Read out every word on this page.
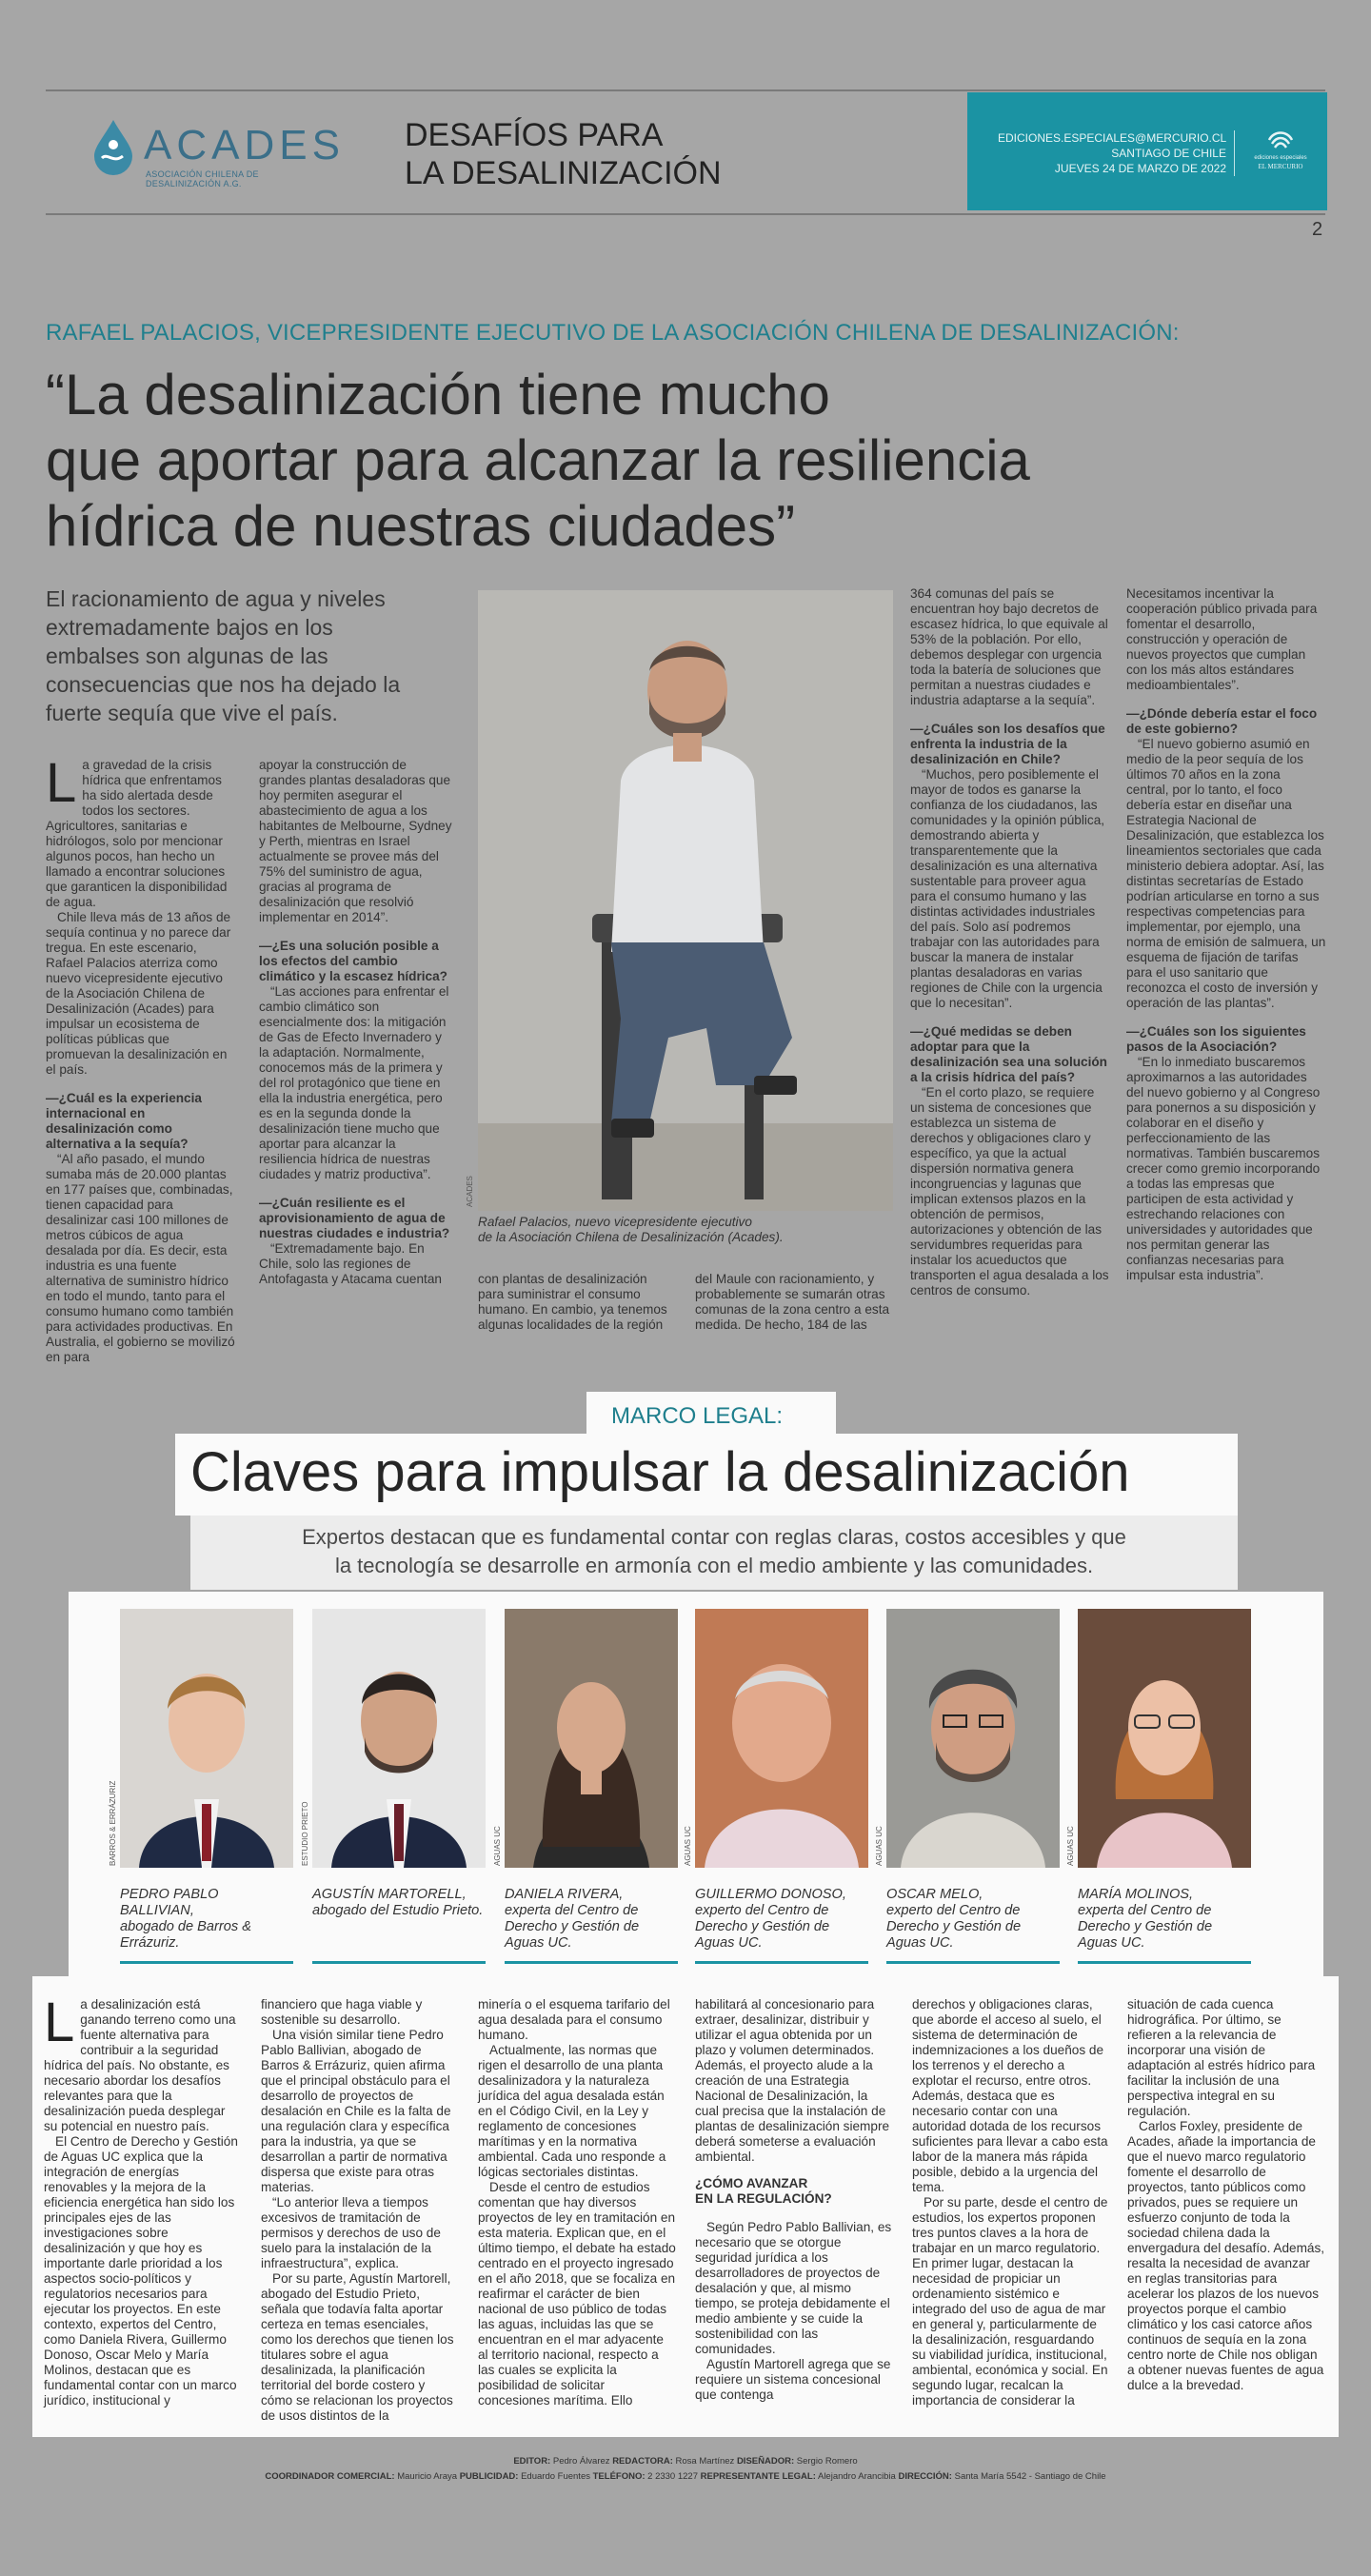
ACADES
ASOCIACIÓN CHILENA DE DESALINIZACIÓN A.G.
DESAFÍOS PARA
LA DESALINIZACIÓN
EDICIONES.ESPECIALES@MERCURIO.CL
SANTIAGO DE CHILE
JUEVES 24 DE MARZO DE 2022
ediciones especiales
EL MERCURIO
2
RAFAEL PALACIOS, VICEPRESIDENTE EJECUTIVO DE LA ASOCIACIÓN CHILENA DE DESALINIZACIÓN:
“La desalinización tiene mucho
que aportar para alcanzar la resiliencia
hídrica de nuestras ciudades”
El racionamiento de agua y niveles extremadamente bajos en los embalses son algunas de las consecuencias que nos ha dejado la fuerte sequía que vive el país.

La gravedad de la crisis hídrica que enfrentamos ha sido alertada desde todos los sectores. Agricultores, sanitarias e hidrólogos, solo por mencionar algunos pocos, han hecho un llamado a encontrar soluciones que garanticen la disponibilidad de agua.

Chile lleva más de 13 años de sequía continua y no parece dar tregua. En este escenario, Rafael Palacios aterriza como nuevo vicepresidente ejecutivo de la Asociación Chilena de Desalinización (Acades) para impulsar un ecosistema de políticas públicas que promuevan la desalinización en el país.

—¿Cuál es la experiencia internacional en desalinización como alternativa a la sequía?

“Al año pasado, el mundo sumaba más de 20.000 plantas en 177 países que, combinadas, tienen capacidad para desalinizar casi 100 millones de metros cúbicos de agua desalada por día. Es decir, esta industria es una fuente alternativa de suministro hídrico en todo el mundo, tanto para el consumo humano como también para actividades productivas. En Australia, el gobierno se movilizó en para

apoyar la construcción de grandes plantas desaladoras que hoy permiten asegurar el abastecimiento de agua a los habitantes de Melbourne, Sydney y Perth, mientras en Israel actualmente se provee más del 75% del suministro de agua, gracias al programa de desalinización que resolvió implementar en 2014”.

—¿Es una solución posible a los efectos del cambio climático y la escasez hídrica?

“Las acciones para enfrentar el cambio climático son esencialmente dos: la mitigación de Gas de Efecto Invernadero y la adaptación. Normalmente, conocemos más de la primera y del rol protagónico que tiene en ella la industria energética, pero es en la segunda donde la desalinización tiene mucho que aportar para alcanzar la resiliencia hídrica de nuestras ciudades y matriz productiva”.

—¿Cuán resiliente es el aprovisionamiento de agua de nuestras ciudades e industria?

“Extremadamente bajo. En Chile, solo las regiones de Antofagasta y Atacama cuentan

ACADES
Rafael Palacios, nuevo vicepresidente ejecutivo
de la Asociación Chilena de Desalinización (Acades).

con plantas de desalinización para suministrar el consumo humano. En cambio, ya tenemos algunas localidades de la región

del Maule con racionamiento, y probablemente se sumarán otras comunas de la zona centro a esta medida. De hecho, 184 de las

364 comunas del país se encuentran hoy bajo decretos de escasez hídrica, lo que equivale al 53% de la población. Por ello, debemos desplegar con urgencia toda la batería de soluciones que permitan a nuestras ciudades e industria adaptarse a la sequía”.

—¿Cuáles son los desafíos que enfrenta la industria de la desalinización en Chile?

“Muchos, pero posiblemente el mayor de todos es ganarse la confianza de los ciudadanos, las comunidades y la opinión pública, demostrando abierta y transparentemente que la desalinización es una alternativa sustentable para proveer agua para el consumo humano y las distintas actividades industriales del país. Solo así podremos trabajar con las autoridades para buscar la manera de instalar plantas desaladoras en varias regiones de Chile con la urgencia que lo necesitan”.

—¿Qué medidas se deben adoptar para que la desalinización sea una solución a la crisis hídrica del país?

“En el corto plazo, se requiere un sistema de concesiones que establezca un sistema de derechos y obligaciones claro y específico, ya que la actual dispersión normativa genera incongruencias y lagunas que implican extensos plazos en la obtención de permisos, autorizaciones y obtención de las servidumbres requeridas para instalar los acueductos que transporten el agua desalada a los centros de consumo.

Necesitamos incentivar la cooperación público privada para fomentar el desarrollo, construcción y operación de nuevos proyectos que cumplan con los más altos estándares medioambientales”.

—¿Dónde debería estar el foco de este gobierno?

“El nuevo gobierno asumió en medio de la peor sequía de los últimos 70 años en la zona central, por lo tanto, el foco debería estar en diseñar una Estrategia Nacional de Desalinización, que establezca los lineamientos sectoriales que cada ministerio debiera adoptar. Así, las distintas secretarías de Estado podrían articularse en torno a sus respectivas competencias para implementar, por ejemplo, una norma de emisión de salmuera, un esquema de fijación de tarifas para el uso sanitario que reconozca el costo de inversión y operación de las plantas”.

—¿Cuáles son los siguientes pasos de la Asociación?

“En lo inmediato buscaremos aproximarnos a las autoridades del nuevo gobierno y al Congreso para ponernos a su disposición y colaborar en el diseño y perfeccionamiento de las normativas. También buscaremos crecer como gremio incorporando a todas las empresas que participen de esta actividad y estrechando relaciones con universidades y autoridades que nos permitan generar las confianzas necesarias para impulsar esta industria”.

MARCO LEGAL:
Claves para impulsar la desalinización
Expertos destacan que es fundamental contar con reglas claras, costos accesibles y que
la tecnología se desarrolle en armonía con el medio ambiente y las comunidades.
BARROS & ERRÁZURIZ	ESTUDIO PRIETO	AGUAS UC	AGUAS UC	AGUAS UC	AGUAS UC
PEDRO PABLO BALLIVIAN,
abogado de Barros & Errázuriz.
AGUSTÍN MARTORELL,
abogado del Estudio Prieto.
DANIELA RIVERA,
experta del Centro de Derecho y Gestión de Aguas UC.
GUILLERMO DONOSO,
experto del Centro de Derecho y Gestión de Aguas UC.
OSCAR MELO,
experto del Centro de Derecho y Gestión de Aguas UC.
MARÍA MOLINOS,
experta del Centro de Derecho y Gestión de Aguas UC.

La desalinización está ganando terreno como una fuente alternativa para contribuir a la seguridad hídrica del país. No obstante, es necesario abordar los desafíos relevantes para que la desalinización pueda desplegar su potencial en nuestro país.

El Centro de Derecho y Gestión de Aguas UC explica que la integración de energías renovables y la mejora de la eficiencia energética han sido los principales ejes de las investigaciones sobre desalinización y que hoy es importante darle prioridad a los aspectos socio-políticos y regulatorios necesarios para ejecutar los proyectos. En este contexto, expertos del Centro, como Daniela Rivera, Guillermo Donoso, Oscar Melo y María Molinos, destacan que es fundamental contar con un marco jurídico, institucional y

financiero que haga viable y sostenible su desarrollo.

Una visión similar tiene Pedro Pablo Ballivian, abogado de Barros & Errázuriz, quien afirma que el principal obstáculo para el desarrollo de proyectos de desalación en Chile es la falta de una regulación clara y específica para la industria, ya que se desarrollan a partir de normativa dispersa que existe para otras materias.

“Lo anterior lleva a tiempos excesivos de tramitación de permisos y derechos de uso de suelo para la instalación de la infraestructura”, explica.

Por su parte, Agustín Martorell, abogado del Estudio Prieto, señala que todavía falta aportar certeza en temas esenciales, como los derechos que tienen los titulares sobre el agua desalinizada, la planificación territorial del borde costero y cómo se relacionan los proyectos de usos distintos de la

minería o el esquema tarifario del agua desalada para el consumo humano.

Actualmente, las normas que rigen el desarrollo de una planta desalinizadora y la naturaleza jurídica del agua desalada están en el Código Civil, en la Ley y reglamento de concesiones marítimas y en la normativa ambiental. Cada uno responde a lógicas sectoriales distintas.

Desde el centro de estudios comentan que hay diversos proyectos de ley en tramitación en esta materia. Explican que, en el último tiempo, el debate ha estado centrado en el proyecto ingresado en el año 2018, que se focaliza en reafirmar el carácter de bien nacional de uso público de todas las aguas, incluidas las que se encuentran en el mar adyacente al territorio nacional, respecto a las cuales se explicita la posibilidad de solicitar concesiones marítima. Ello

habilitará al concesionario para extraer, desalinizar, distribuir y utilizar el agua obtenida por un plazo y volumen determinados. Además, el proyecto alude a la creación de una Estrategia Nacional de Desalinización, la cual precisa que la instalación de plantas de desalinización siempre deberá someterse a evaluación ambiental.

¿CÓMO AVANZAR
EN LA REGULACIÓN?

Según Pedro Pablo Ballivian, es necesario que se otorgue seguridad jurídica a los desarrolladores de proyectos de desalación y que, al mismo tiempo, se proteja debidamente el medio ambiente y se cuide la sostenibilidad con las comunidades.

Agustín Martorell agrega que se requiere un sistema concesional que contenga

derechos y obligaciones claras, que aborde el acceso al suelo, el sistema de determinación de indemnizaciones a los dueños de los terrenos y el derecho a explotar el recurso, entre otros. Además, destaca que es necesario contar con una autoridad dotada de los recursos suficientes para llevar a cabo esta labor de la manera más rápida posible, debido a la urgencia del tema.

Por su parte, desde el centro de estudios, los expertos proponen tres puntos claves a la hora de trabajar en un marco regulatorio. En primer lugar, destacan la necesidad de propiciar un ordenamiento sistémico e integrado del uso de agua de mar en general y, particularmente de la desalinización, resguardando su viabilidad jurídica, institucional, ambiental, económica y social. En segundo lugar, recalcan la importancia de considerar la

situación de cada cuenca hidrográfica. Por último, se refieren a la relevancia de incorporar una visión de adaptación al estrés hídrico para facilitar la inclusión de una perspectiva integral en su regulación.

Carlos Foxley, presidente de Acades, añade la importancia de que el nuevo marco regulatorio fomente el desarrollo de proyectos, tanto públicos como privados, pues se requiere un esfuerzo conjunto de toda la sociedad chilena dada la envergadura del desafío. Además, resalta la necesidad de avanzar en reglas transitorias para acelerar los plazos de los nuevos proyectos porque el cambio climático y los casi catorce años continuos de sequía en la zona centro norte de Chile nos obligan a obtener nuevas fuentes de agua dulce a la brevedad.

EDITOR: Pedro Álvarez REDACTORA: Rosa Martínez DISEÑADOR: Sergio Romero
COORDINADOR COMERCIAL: Mauricio Araya PUBLICIDAD: Eduardo Fuentes TELÉFONO: 2 2330 1227 REPRESENTANTE LEGAL: Alejandro Arancibia DIRECCIÓN: Santa María 5542 - Santiago de Chile
